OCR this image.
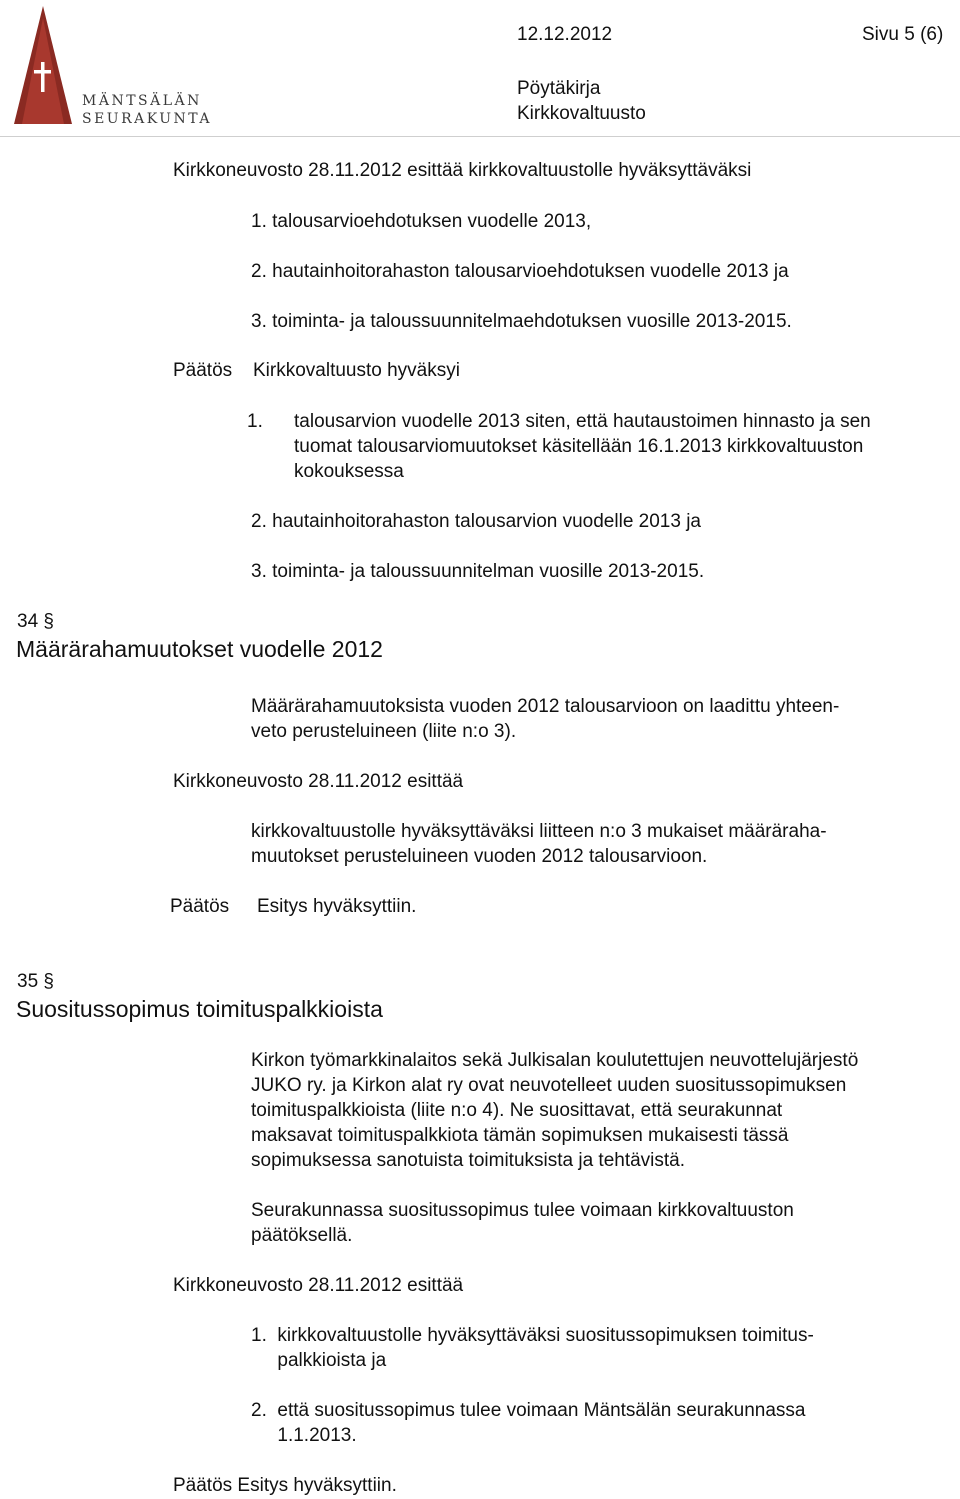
MÄNTSÄLÄN
SEURAKUNTA
12.12.2012	Sivu 5 (6)
Pöytäkirja
Kirkkovaltuusto
Kirkkoneuvosto 28.11.2012 esittää kirkkovaltuustolle hyväksyttäväksi
1. talousarvioehdotuksen vuodelle 2013,
2. hautainhoitorahaston talousarvioehdotuksen vuodelle 2013 ja
3. toiminta- ja taloussuunnitelmaehdotuksen vuosille 2013-2015.
Päätös Kirkkovaltuusto hyväksyi
1. talousarvion vuodelle 2013 siten, että hautaustoimen hinnasto ja sen
tuomat talousarviomuutokset käsitellään 16.1.2013 kirkkovaltuuston
kokouksessa
2. hautainhoitorahaston talousarvion vuodelle 2013 ja
3. toiminta- ja taloussuunnitelman vuosille 2013-2015.
34 §
Määrärahamuutokset vuodelle 2012
Määrärahamuutoksista vuoden 2012 talousarvioon on laadittu yhteen-
veto perusteluineen (liite n:o 3).
Kirkkoneuvosto 28.11.2012 esittää
kirkkovaltuustolle hyväksyttäväksi liitteen n:o 3 mukaiset määräraha-
muutokset perusteluineen vuoden 2012 talousarvioon.
Päätös Esitys hyväksyttiin.
35 §
Suositussopimus toimituspalkkioista
Kirkon työmarkkinalaitos sekä Julkisalan koulutettujen neuvottelujärjestö
JUKO ry. ja Kirkon alat ry ovat neuvotelleet uuden suositussopimuksen
toimituspalkkioista (liite n:o 4). Ne suosittavat, että seurakunnat
maksavat toimituspalkkiota tämän sopimuksen mukaisesti tässä
sopimuksessa sanotuista toimituksista ja tehtävistä.
Seurakunnassa suositussopimus tulee voimaan kirkkovaltuuston
päätöksellä.
Kirkkoneuvosto 28.11.2012 esittää
1.  kirkkovaltuustolle hyväksyttäväksi suositussopimuksen toimitus-
palkkioista ja
2.  että suositussopimus tulee voimaan Mäntsälän seurakunnassa
1.1.2013.
Päätös Esitys hyväksyttiin.
